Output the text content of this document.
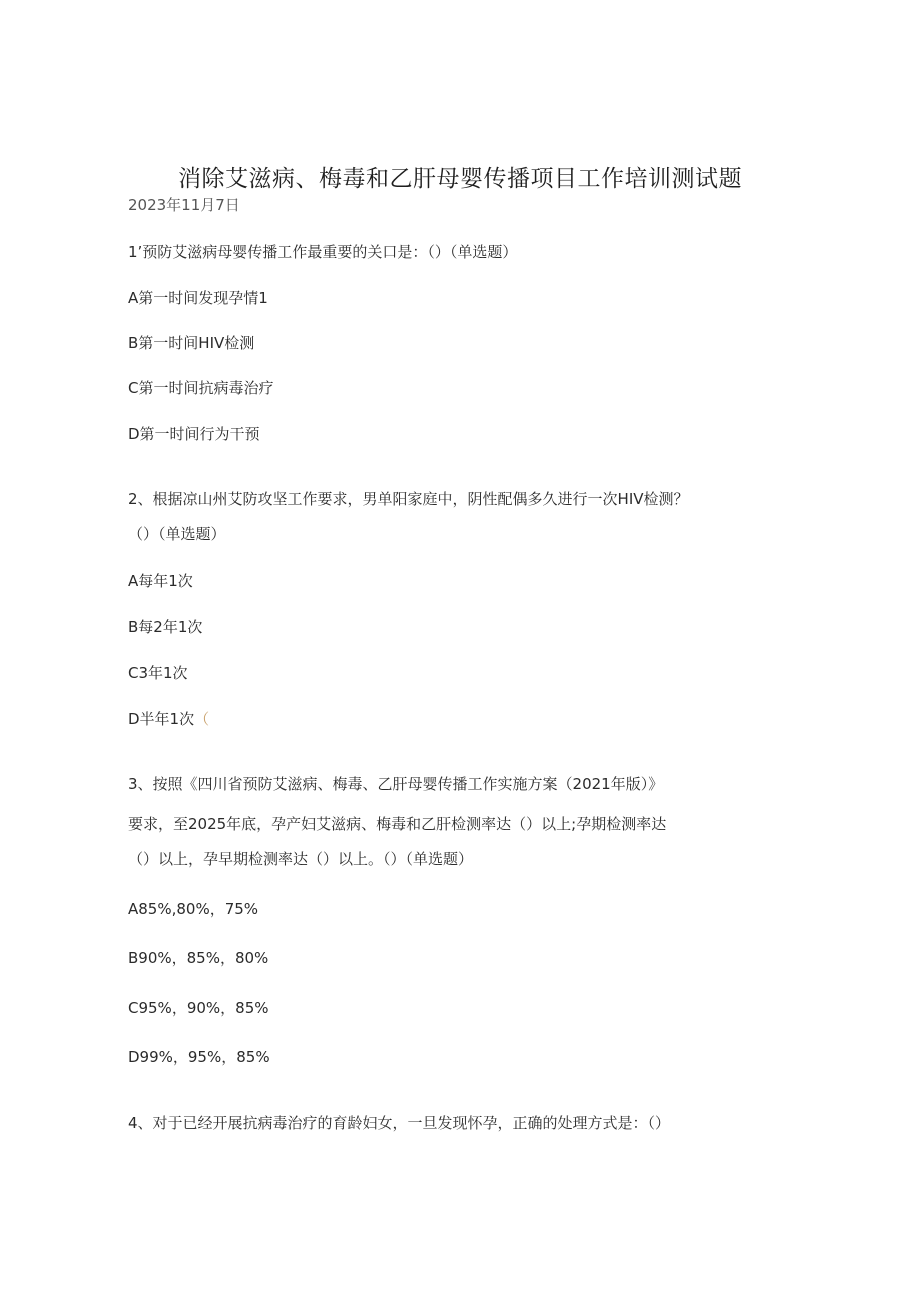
消除艾滋病、梅毒和乙肝母婴传播项目工作培训测试题
2023年11月7日
1’预防艾滋病母婴传播工作最重要的关口是：（）（单选题）
A第一时间发现孕情1
B第一时间HIV检测
C第一时间抗病毒治疗
D第一时间行为干预
2、根据凉山州艾防攻坚工作要求，男单阳家庭中，阴性配偶多久进行一次HIV检测？
（）（单选题）
A每年1次
B每2年1次
C3年1次
D半年1次（
3、按照《四川省预防艾滋病、梅毒、乙肝母婴传播工作实施方案（2021年版）》
要求，至2025年底，孕产妇艾滋病、梅毒和乙肝检测率达（）以上;孕期检测率达
（）以上，孕早期检测率达（）以上。（）（单选题）
A85%,80%，75%
B90%，85%，80%
C95%，90%，85%
D99%，95%，85%
4、对于已经开展抗病毒治疗的育龄妇女，一旦发现怀孕，正确的处理方式是：（）
